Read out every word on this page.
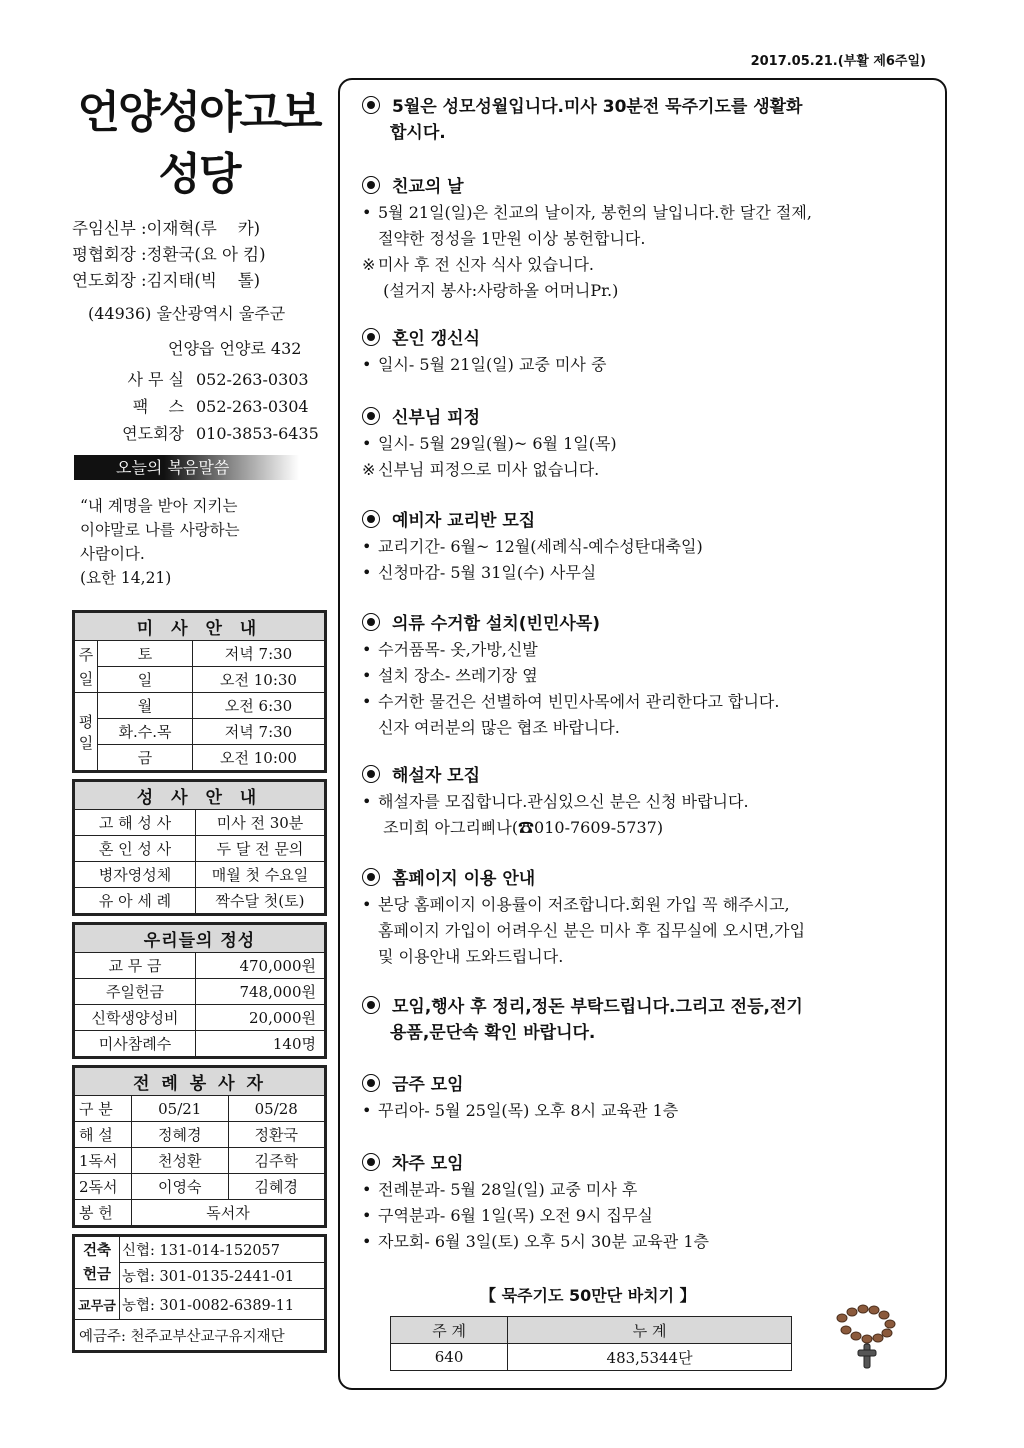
2017.05.21.(부활 제6주일)
언양성야고보
성당
주임신부 :이재혁(루    카)
평협회장 :정환국(요 아 킴)
연도회장 :김지태(빅    톨)
(44936) 울산광역시 울주군
언양읍 언양로 432
사 무 실 052-263-0303
팩    스 052-263-0304
연도회장 010-3853-6435
오늘의 복음말씀
“내 계명을 받아 지키는
이야말로 나를 사랑하는
사람이다.
(요한 14,21)
미 사 안 내		
주일	토	저녁 7:30
	일	오전 10:30
평일	월	오전 6:30
	화.수.목	저녁 7:30
	금	오전 10:00
성 사 안 내	
고 해 성 사	미사 전 30분
혼 인 성 사	두 달 전 문의
병자영성체	매월 첫 수요일
유 아 세 례	짝수달 첫(토)
우리들의 정성	
교 무 금	470,000원
주일헌금	748,000원
신학생양성비	20,000원
미사참례수	140명
전 례 봉 사 자		
구 분	05/21	05/28
해 설	정혜경	정환국
1독서	천성환	김주학
2독서	이영숙	김혜경
봉 헌	독서자	
건축
헌금	신협: 131-014-152057
	농협: 301-0135-2441-01
교무금	농협: 301-0082-6389-11
예금주: 천주교부산교구유지재단	
5월은 성모성월입니다.미사 30분전 묵주기도를 생활화
합시다.
친교의 날
• 5월 21일(일)은 친교의 날이자, 봉헌의 날입니다.한 달간 절제,
절약한 정성을 1만원 이상 봉헌합니다.
※ 미사 후 전 신자 식사 있습니다.
(설거지 봉사:사랑하올 어머니Pr.)
혼인 갱신식
• 일시- 5월 21일(일) 교중 미사 중
신부님 피정
• 일시- 5월 29일(월)~ 6월 1일(목)
※ 신부님 피정으로 미사 없습니다.
예비자 교리반 모집
• 교리기간- 6월~ 12월(세례식-예수성탄대축일)
• 신청마감- 5월 31일(수) 사무실
의류 수거함 설치(빈민사목)
• 수거품목- 옷,가방,신발
• 설치 장소- 쓰레기장 옆
• 수거한 물건은 선별하여 빈민사목에서 관리한다고 합니다.
신자 여러분의 많은 협조 바랍니다.
해설자 모집
• 해설자를 모집합니다.관심있으신 분은 신청 바랍니다.
조미희 아그리삐나(☎010-7609-5737)
홈페이지 이용 안내
• 본당 홈페이지 이용률이 저조합니다.회원 가입 꼭 해주시고,
홈페이지 가입이 어려우신 분은 미사 후 집무실에 오시면,가입
및 이용안내 도와드립니다.
모임,행사 후 정리,정돈 부탁드립니다.그리고 전등,전기
용품,문단속 확인 바랍니다.
금주 모임
• 꾸리아- 5월 25일(목) 오후 8시 교육관 1층
차주 모임
• 전례분과- 5월 28일(일) 교중 미사 후
• 구역분과- 6월 1일(목) 오전 9시 집무실
• 자모회- 6월 3일(토) 오후 5시 30분 교육관 1층
【 묵주기도 50만단 바치기 】
주 계	누 계
640	483,5344단
